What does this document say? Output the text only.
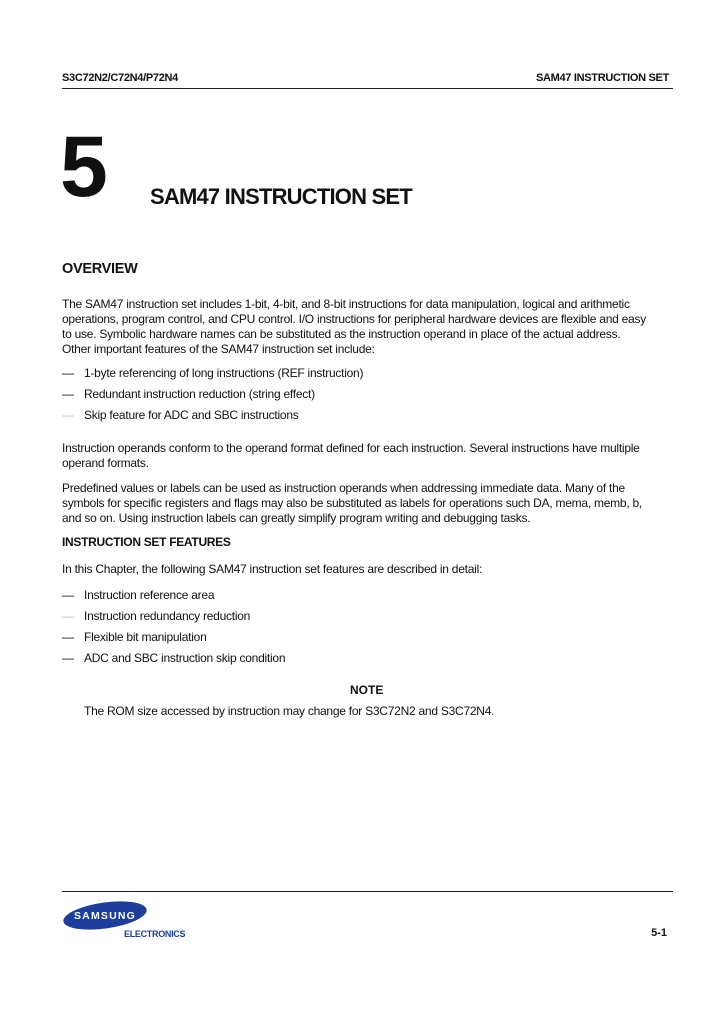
S3C72N2/C72N4/P72N4	SAM47 INSTRUCTION SET
5 SAM47 INSTRUCTION SET
OVERVIEW
The SAM47 instruction set includes 1-bit, 4-bit, and 8-bit instructions for data manipulation, logical and arithmetic
operations, program control, and CPU control. I/O instructions for peripheral hardware devices are flexible and easy
to use. Symbolic hardware names can be substituted as the instruction operand in place of the actual address.
Other important features of the SAM47 instruction set include:
— 1-byte referencing of long instructions (REF instruction)
— Redundant instruction reduction (string effect)
— Skip feature for ADC and SBC instructions
Instruction operands conform to the operand format defined for each instruction. Several instructions have multiple
operand formats.
Predefined values or labels can be used as instruction operands when addressing immediate data. Many of the
symbols for specific registers and flags may also be substituted as labels for operations such DA, mema, memb, b,
and so on. Using instruction labels can greatly simplify program writing and debugging tasks.
INSTRUCTION SET FEATURES
In this Chapter, the following SAM47 instruction set features are described in detail:
— Instruction reference area
— Instruction redundancy reduction
— Flexible bit manipulation
— ADC and SBC instruction skip condition
NOTE
The ROM size accessed by instruction may change for S3C72N2 and S3C72N4.
SAMSUNG
ELECTRONICS	5-1
